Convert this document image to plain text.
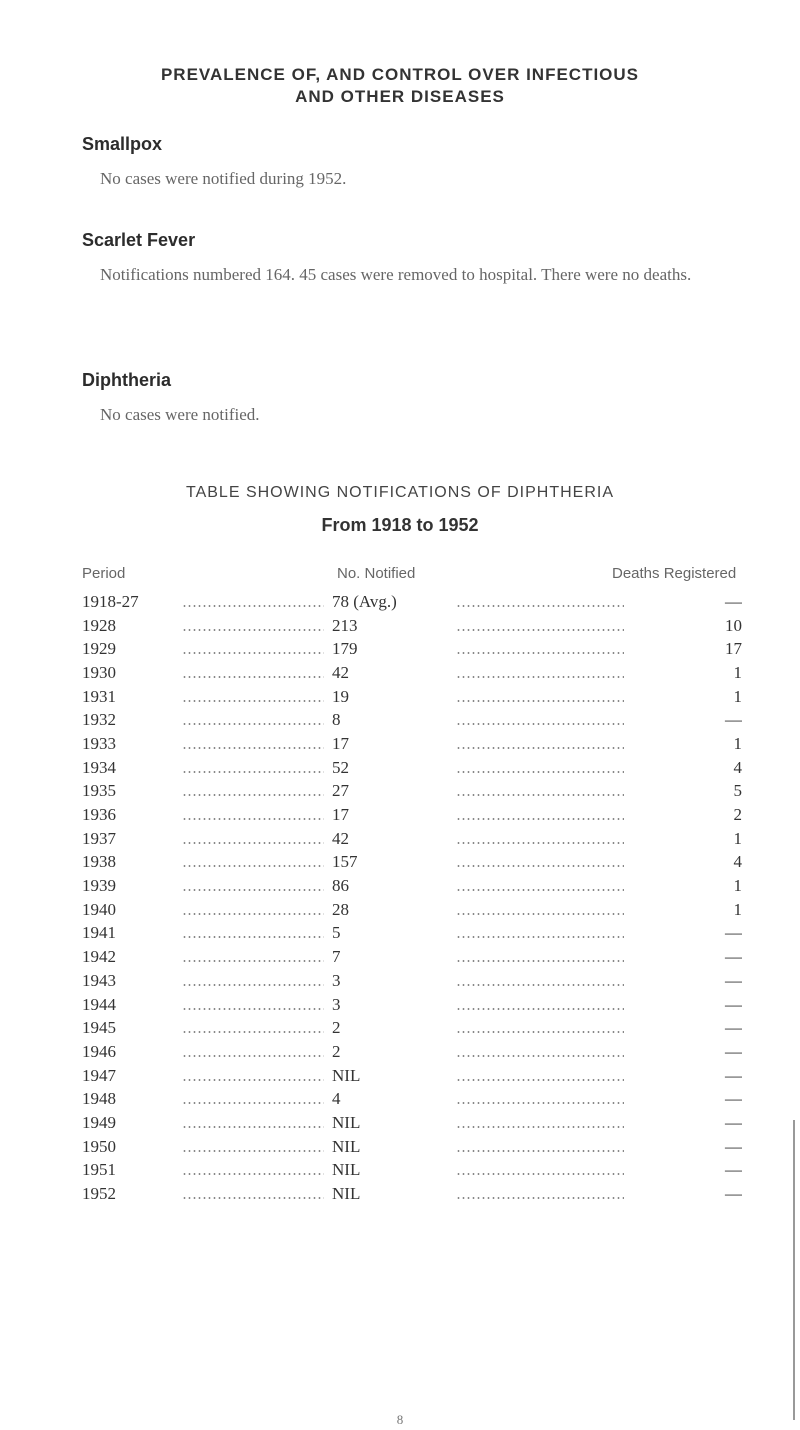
PREVALENCE OF, AND CONTROL OVER INFECTIOUS
AND OTHER DISEASES
Smallpox
No cases were notified during 1952.
Scarlet Fever
Notifications numbered 164. 45 cases were removed to hospital. There were no deaths.
Diphtheria
No cases were notified.
TABLE SHOWING NOTIFICATIONS OF DIPHTHERIA
From 1918 to 1952
Period	No. Notified	Deaths Registered
1918-27		78 (Avg.)		—
1928		213		10
1929		179		17
1930		42		1
1931		19		1
1932		8		—
1933		17		1
1934		52		4
1935		27		5
1936		17		2
1937		42		1
1938		157		4
1939		86		1
1940		28		1
1941		5		—
1942		7		—
1943		3		—
1944		3		—
1945		2		—
1946		2		—
1947		NIL		—
1948		4		—
1949		NIL		—
1950		NIL		—
1951		NIL		—
1952		NIL		—
8
